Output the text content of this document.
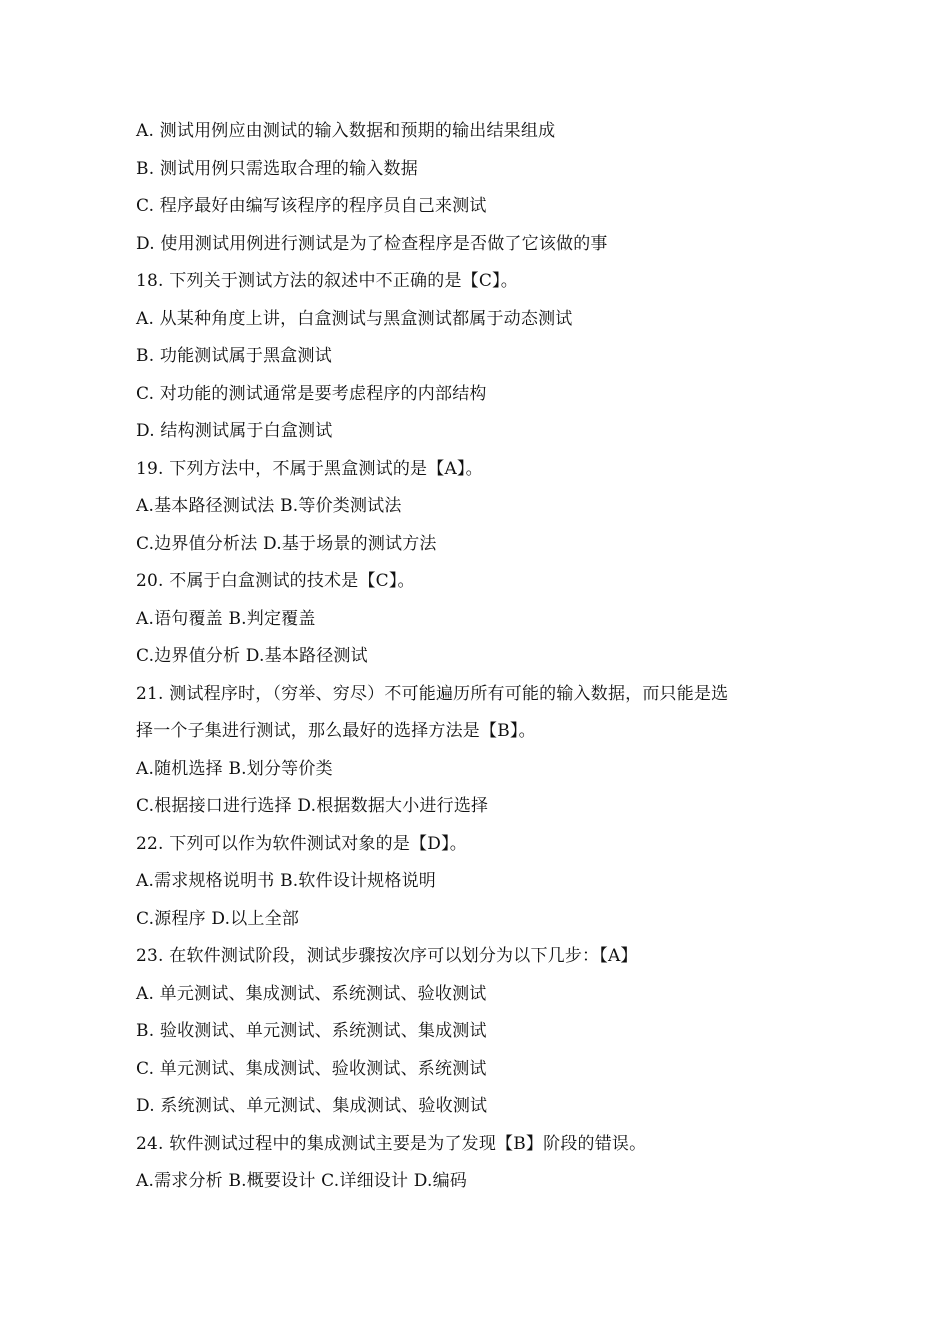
A. 测试用例应由测试的输入数据和预期的输出结果组成
B. 测试用例只需选取合理的输入数据
C. 程序最好由编写该程序的程序员自己来测试
D. 使用测试用例进行测试是为了检查程序是否做了它该做的事
18. 下列关于测试方法的叙述中不正确的是【C】。
A. 从某种角度上讲，白盒测试与黑盒测试都属于动态测试
B. 功能测试属于黑盒测试
C. 对功能的测试通常是要考虑程序的内部结构
D. 结构测试属于白盒测试
19. 下列方法中，不属于黑盒测试的是【A】。
A.基本路径测试法 B.等价类测试法
C.边界值分析法 D.基于场景的测试方法
20. 不属于白盒测试的技术是【C】。
A.语句覆盖 B.判定覆盖
C.边界值分析 D.基本路径测试
21. 测试程序时，（穷举、穷尽）不可能遍历所有可能的输入数据，而只能是选
择一个子集进行测试，那么最好的选择方法是【B】。
A.随机选择 B.划分等价类
C.根据接口进行选择 D.根据数据大小进行选择
22. 下列可以作为软件测试对象的是【D】。
A.需求规格说明书 B.软件设计规格说明
C.源程序 D.以上全部
23. 在软件测试阶段，测试步骤按次序可以划分为以下几步：【A】
A. 单元测试、集成测试、系统测试、验收测试
B. 验收测试、单元测试、系统测试、集成测试
C. 单元测试、集成测试、验收测试、系统测试
D. 系统测试、单元测试、集成测试、验收测试
24. 软件测试过程中的集成测试主要是为了发现【B】阶段的错误。
A.需求分析 B.概要设计 C.详细设计 D.编码
